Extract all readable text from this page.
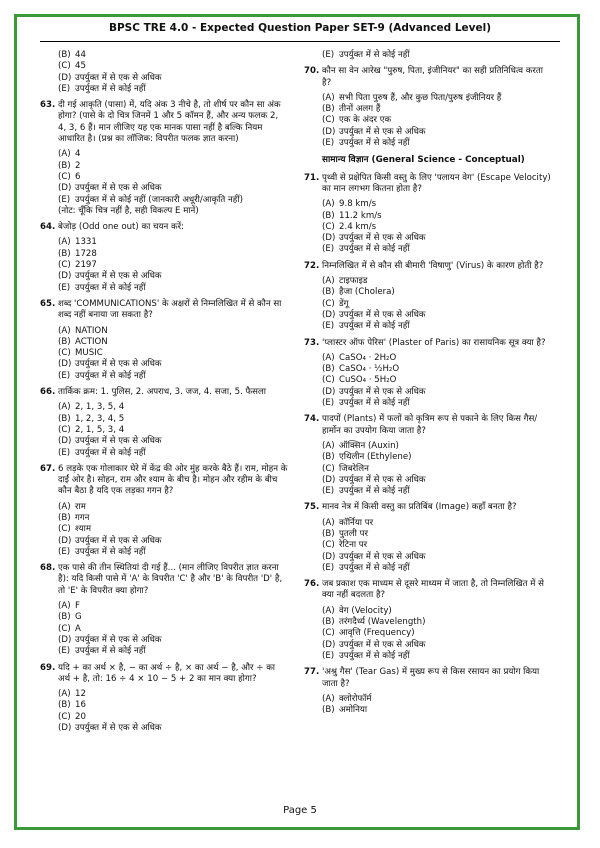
BPSC TRE 4.0 - Expected Question Paper SET-9 (Advanced Level)
(B) 44
(C) 45
(D) उपर्युक्त में से एक से अधिक
(E) उपर्युक्त में से कोई नहीं
63. दी गई आकृति (पासा) में, यदि अंक 3 नीचे है, तो शीर्ष पर कौन सा अंक होगा? (पासे के दो चित्र जिनमें 1 और 5 कॉमन हैं, और अन्य फलक 2, 4, 3, 6 हैं। मान लीजिए यह एक मानक पासा नहीं है बल्कि नियम आधारित है। (प्रश्न का लॉजिक: विपरीत फलक ज्ञात करना)
(A) 4
(B) 2
(C) 6
(D) उपर्युक्त में से एक से अधिक
(E) उपर्युक्त में से कोई नहीं (जानकारी अधूरी/आकृति नहीं)
(नोट: चूँकि चित्र नहीं है, सही विकल्प E मानें)
64. बेजोड़ (Odd one out) का चयन करें:
(A) 1331
(B) 1728
(C) 2197
(D) उपर्युक्त में से एक से अधिक
(E) उपर्युक्त में से कोई नहीं
65. शब्द 'COMMUNICATIONS' के अक्षरों से निम्नलिखित में से कौन सा शब्द नहीं बनाया जा सकता है?
(A) NATION
(B) ACTION
(C) MUSIC
(D) उपर्युक्त में से एक से अधिक
(E) उपर्युक्त में से कोई नहीं
66. तार्किक क्रम: 1. पुलिस, 2. अपराध, 3. जज, 4. सजा, 5. फैसला
(A) 2, 1, 3, 5, 4
(B) 1, 2, 3, 4, 5
(C) 2, 1, 5, 3, 4
(D) उपर्युक्त में से एक से अधिक
(E) उपर्युक्त में से कोई नहीं
67. 6 लड़के एक गोलाकार घेरे में केंद्र की ओर मुंह करके बैठे हैं। राम, मोहन के दाईं ओर है। सोहन, राम और श्याम के बीच है। मोहन और रहीम के बीच कौन बैठा है यदि एक लड़का गगन है?
(A) राम
(B) गगन
(C) श्याम
(D) उपर्युक्त में से एक से अधिक
(E) उपर्युक्त में से कोई नहीं
68. एक पासे की तीन स्थितियां दी गई हैं... (मान लीजिए विपरीत ज्ञात करना है): यदि किसी पासे में 'A' के विपरीत 'C' है और 'B' के विपरीत 'D' है, तो 'E' के विपरीत क्या होगा?
(A) F
(B) G
(C) A
(D) उपर्युक्त में से एक से अधिक
(E) उपर्युक्त में से कोई नहीं
69. यदि + का अर्थ × है, − का अर्थ ÷ है, × का अर्थ − है, और ÷ का अर्थ + है, तो: 16 ÷ 4 × 10 − 5 + 2 का मान क्या होगा?
(A) 12
(B) 16
(C) 20
(D) उपर्युक्त में से एक से अधिक
(E) उपर्युक्त में से कोई नहीं
70. कौन सा वेन आरेख "पुरुष, पिता, इंजीनियर" का सही प्रतिनिधित्व करता है?
(A) सभी पिता पुरुष हैं, और कुछ पिता/पुरुष इंजीनियर हैं
(B) तीनों अलग हैं
(C) एक के अंदर एक
(D) उपर्युक्त में से एक से अधिक
(E) उपर्युक्त में से कोई नहीं
सामान्य विज्ञान (General Science - Conceptual)
71. पृथ्वी से प्रक्षेपित किसी वस्तु के लिए 'पलायन वेग' (Escape Velocity) का मान लगभग कितना होता है?
(A) 9.8 km/s
(B) 11.2 km/s
(C) 2.4 km/s
(D) उपर्युक्त में से एक से अधिक
(E) उपर्युक्त में से कोई नहीं
72. निम्नलिखित में से कौन सी बीमारी 'विषाणु' (Virus) के कारण होती है?
(A) टाइफाइड
(B) हैजा (Cholera)
(C) डेंगू
(D) उपर्युक्त में से एक से अधिक
(E) उपर्युक्त में से कोई नहीं
73. 'प्लास्टर ऑफ पेरिस' (Plaster of Paris) का रासायनिक सूत्र क्या है?
(A) CaSO₄ · 2H₂O
(B) CaSO₄ · ½H₂O
(C) CuSO₄ · 5H₂O
(D) उपर्युक्त में से एक से अधिक
(E) उपर्युक्त में से कोई नहीं
74. पादपों (Plants) में फलों को कृत्रिम रूप से पकाने के लिए किस गैस/हार्मोन का उपयोग किया जाता है?
(A) ऑक्सिन (Auxin)
(B) एथिलीन (Ethylene)
(C) जिबरेलिन
(D) उपर्युक्त में से एक से अधिक
(E) उपर्युक्त में से कोई नहीं
75. मानव नेत्र में किसी वस्तु का प्रतिबिंब (Image) कहाँ बनता है?
(A) कॉर्निया पर
(B) पुतली पर
(C) रेटिना पर
(D) उपर्युक्त में से एक से अधिक
(E) उपर्युक्त में से कोई नहीं
76. जब प्रकाश एक माध्यम से दूसरे माध्यम में जाता है, तो निम्नलिखित में से क्या नहीं बदलता है?
(A) वेग (Velocity)
(B) तरंगदैर्ध्य (Wavelength)
(C) आवृत्ति (Frequency)
(D) उपर्युक्त में से एक से अधिक
(E) उपर्युक्त में से कोई नहीं
77. 'अश्रु गैस' (Tear Gas) में मुख्य रूप से किस रसायन का प्रयोग किया जाता है?
(A) क्लोरोफॉर्म
(B) अमोनिया
Page 5
